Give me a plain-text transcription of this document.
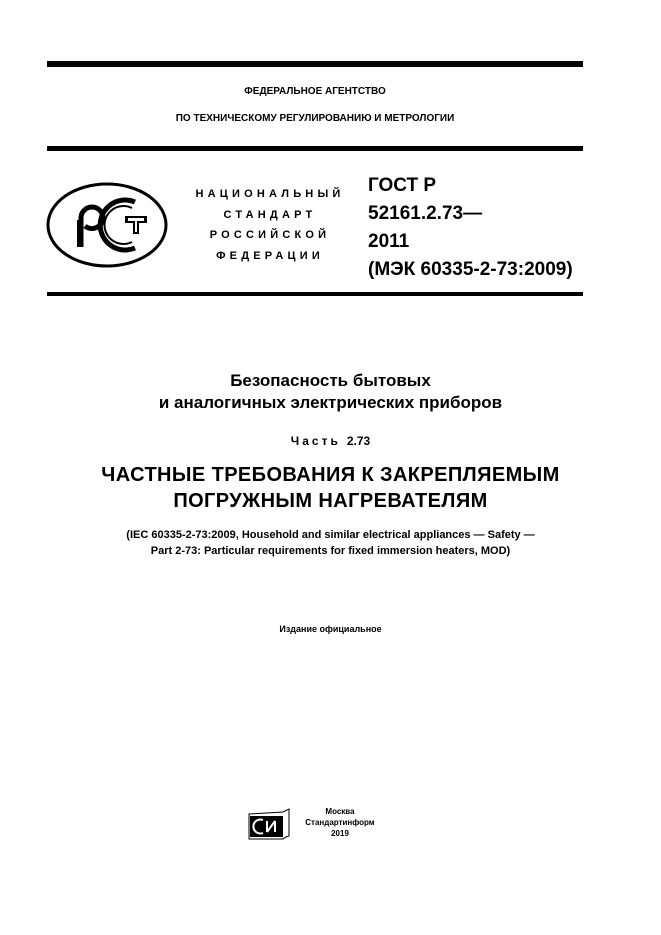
ФЕДЕРАЛЬНОЕ АГЕНТСТВО
ПО ТЕХНИЧЕСКОМУ РЕГУЛИРОВАНИЮ И МЕТРОЛОГИИ
НАЦИОНАЛЬНЫЙ
СТАНДАРТ
РОССИЙСКОЙ
ФЕДЕРАЦИИ
ГОСТ Р
52161.2.73—
2011
(МЭК 60335-2-73:2009)
Безопасность бытовых
и аналогичных электрических приборов
Часть 2.73
ЧАСТНЫЕ ТРЕБОВАНИЯ К ЗАКРЕПЛЯЕМЫМ
ПОГРУЖНЫМ НАГРЕВАТЕЛЯМ
(IEC 60335-2-73:2009, Household and similar electrical appliances — Safety —
Part 2-73: Particular requirements for fixed immersion heaters, MOD)
Издание официальное
Москва
Стандартинформ
2019
